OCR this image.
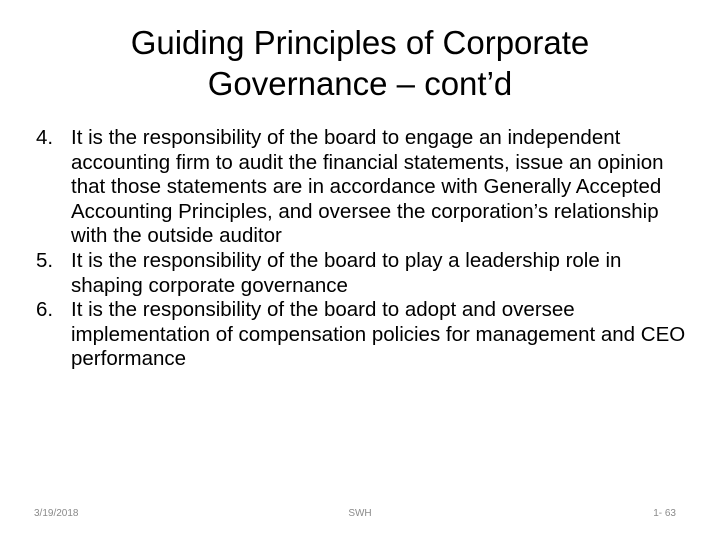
Guiding Principles of Corporate
Governance – cont’d
4. It is the responsibility of the board to engage an independent accounting firm to audit the financial statements, issue an opinion that those statements are in accordance with Generally Accepted Accounting Principles, and oversee the corporation’s relationship with the outside auditor
5. It is the responsibility of the board to play a leadership role in shaping corporate governance
6. It is the responsibility of the board to adopt and oversee implementation of compensation policies for management and CEO performance
3/19/2018	SWH	1- 63
